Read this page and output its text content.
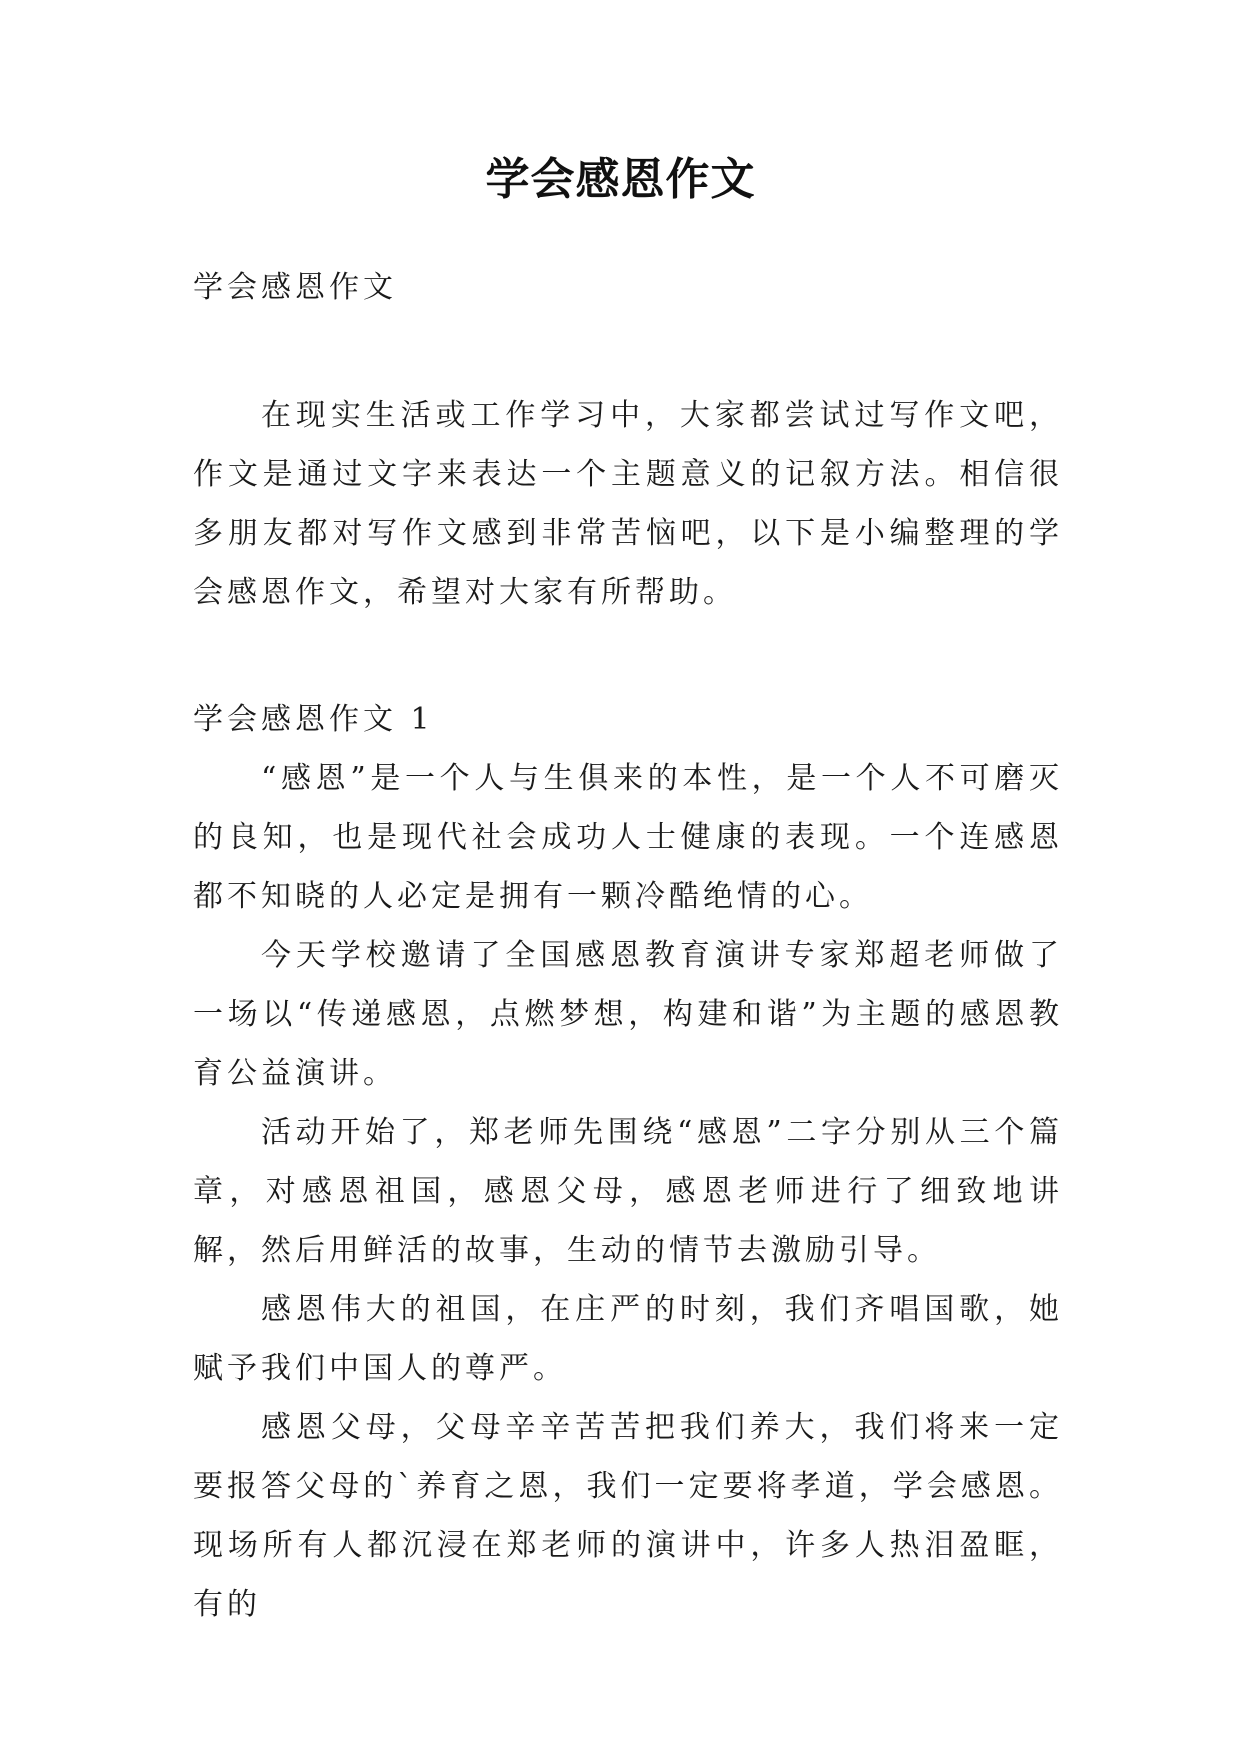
学会感恩作文

学会感恩作文

在现实生活或工作学习中，大家都尝试过写作文吧，作文是通过文字来表达一个主题意义的记叙方法。相信很多朋友都对写作文感到非常苦恼吧，以下是小编整理的学会感恩作文，希望对大家有所帮助。

学会感恩作文 1

“感恩”是一个人与生俱来的本性，是一个人不可磨灭的良知，也是现代社会成功人士健康的表现。一个连感恩都不知晓的人必定是拥有一颗冷酷绝情的心。

今天学校邀请了全国感恩教育演讲专家郑超老师做了一场以“传递感恩，点燃梦想，构建和谐”为主题的感恩教育公益演讲。

活动开始了，郑老师先围绕“感恩”二字分别从三个篇章，对感恩祖国，感恩父母，感恩老师进行了细致地讲解，然后用鲜活的故事，生动的情节去激励引导。

感恩伟大的祖国，在庄严的时刻，我们齐唱国歌，她赋予我们中国人的尊严。

感恩父母，父母辛辛苦苦把我们养大，我们将来一定要报答父母的`养育之恩，我们一定要将孝道，学会感恩。现场所有人都沉浸在郑老师的演讲中，许多人热泪盈眶，有的
